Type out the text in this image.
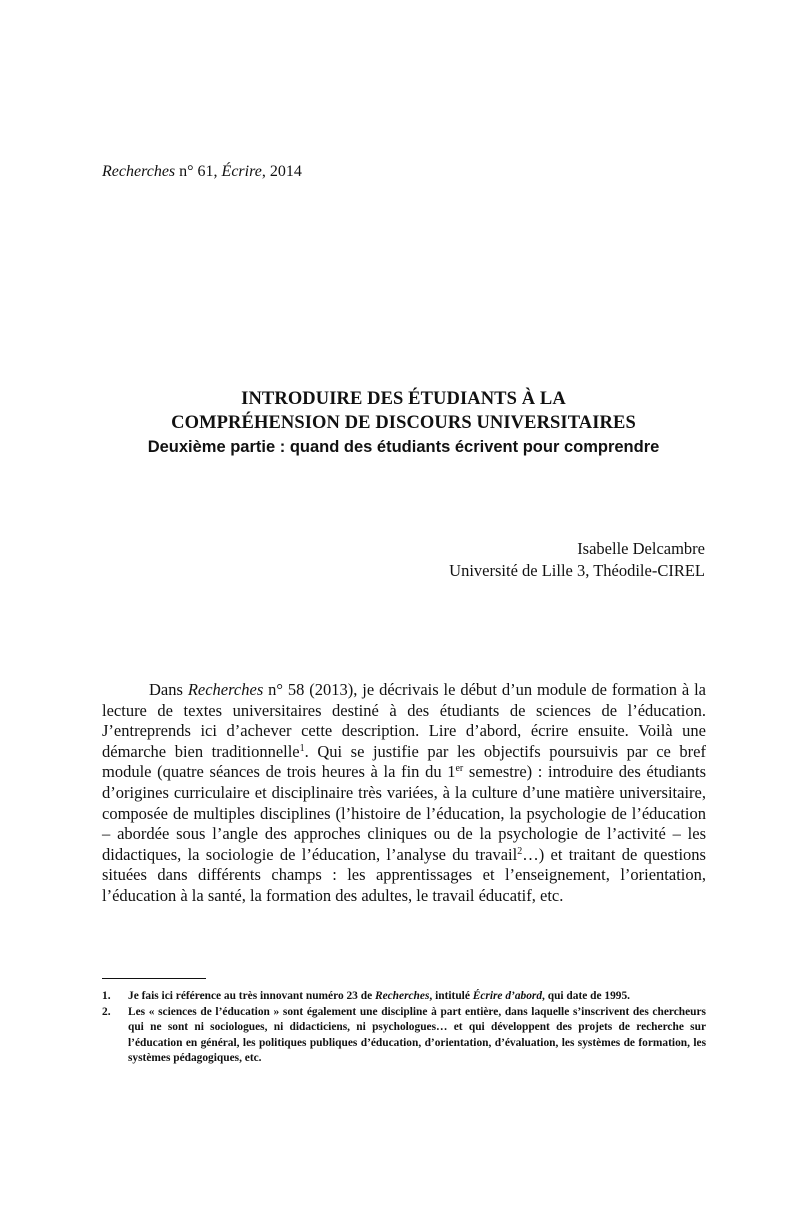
Recherches n° 61, Écrire, 2014
INTRODUIRE DES ÉTUDIANTS À LA
COMPRÉHENSION DE DISCOURS UNIVERSITAIRES
Deuxième partie : quand des étudiants écrivent pour comprendre
Isabelle Delcambre
Université de Lille 3, Théodile-CIREL

Dans Recherches n° 58 (2013), je décrivais le début d’un module de formation à la lecture de textes universitaires destiné à des étudiants de sciences de l’éducation. J’entreprends ici d’achever cette description. Lire d’abord, écrire ensuite. Voilà une démarche bien traditionnelle$^1$. Qui se justifie par les objectifs poursuivis par ce bref module (quatre séances de trois heures à la fin du 1er semestre) : introduire des étudiants d’origines curriculaire et disciplinaire très variées, à la culture d’une matière universitaire, composée de multiples disciplines (l’histoire de l’éducation, la psychologie de l’éducation – abordée sous l’angle des approches cliniques ou de la psychologie de l’activité – les didactiques, la sociologie de l’éducation, l’analyse du travail$^2$…) et traitant de questions situées dans différents champs : les apprentissages et l’enseignement, l’orientation, l’éducation à la santé, la formation des adultes, le travail éducatif, etc.

1. Je fais ici référence au très innovant numéro 23 de Recherches, intitulé Écrire d’abord, qui date de 1995.
2. Les « sciences de l’éducation » sont également une discipline à part entière, dans laquelle s’inscrivent des chercheurs qui ne sont ni sociologues, ni didacticiens, ni psychologues… et qui développent des projets de recherche sur l’éducation en général, les politiques publiques d’éducation, d’orientation, d’évaluation, les systèmes de formation, les systèmes pédagogiques, etc.
